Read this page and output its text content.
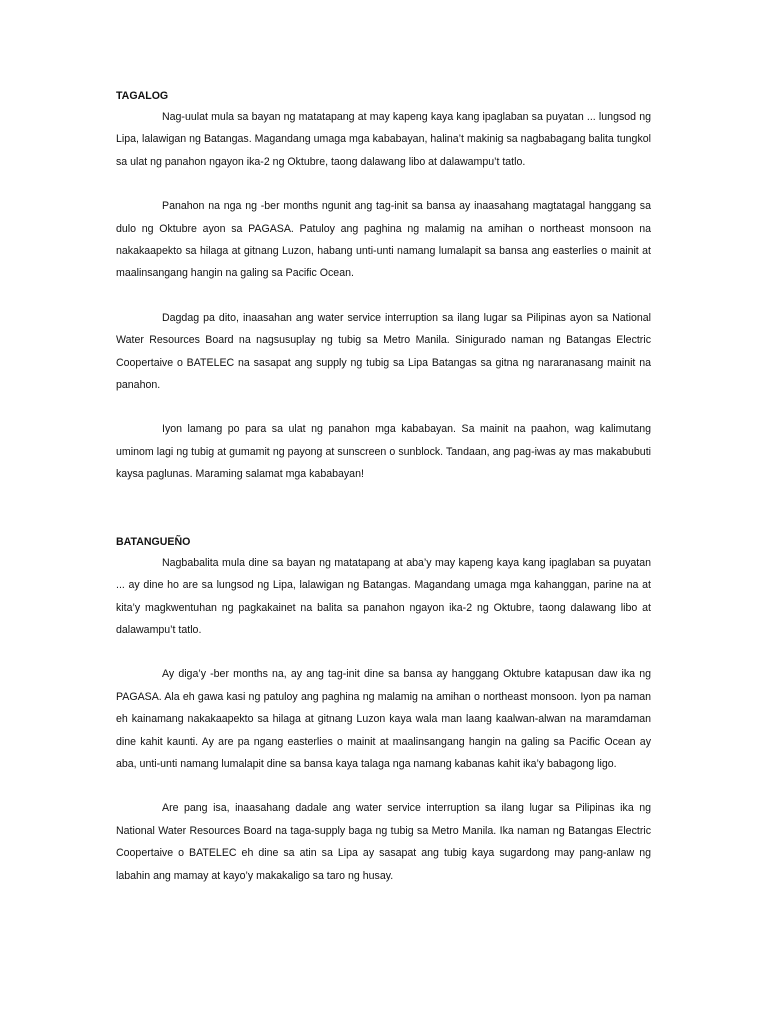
TAGALOG

Nag-uulat mula sa bayan ng matatapang at may kapeng kaya kang ipaglaban sa puyatan ... lungsod ng Lipa, lalawigan ng Batangas. Magandang umaga mga kababayan, halina’t makinig sa nagbabagang balita tungkol sa ulat ng panahon ngayon ika-2 ng Oktubre, taong dalawang libo at dalawampu’t tatlo.

Panahon na nga ng -ber months ngunit ang tag-init sa bansa ay inaasahang magtatagal hanggang sa dulo ng Oktubre ayon sa PAGASA. Patuloy ang paghina ng malamig na amihan o northeast monsoon na nakakaapekto sa hilaga at gitnang Luzon, habang unti-unti namang lumalapit sa bansa ang easterlies o mainit at maalinsangang hangin na galing sa Pacific Ocean.

Dagdag pa dito, inaasahan ang water service interruption sa ilang lugar sa Pilipinas ayon sa National Water Resources Board na nagsusuplay ng tubig sa Metro Manila. Sinigurado naman ng Batangas Electric Coopertaive o BATELEC na sasapat ang supply ng tubig sa Lipa Batangas sa gitna ng nararanasang mainit na panahon.

Iyon lamang po para sa ulat ng panahon mga kababayan. Sa mainit na paahon, wag kalimutang uminom lagi ng tubig at gumamit ng payong at sunscreen o sunblock. Tandaan, ang pag-iwas ay mas makabubuti kaysa paglunas. Maraming salamat mga kababayan!

BATANGUEÑO

Nagbabalita mula dine sa bayan ng matatapang at aba’y may kapeng kaya kang ipaglaban sa puyatan ... ay dine ho are sa lungsod ng Lipa, lalawigan ng Batangas. Magandang umaga mga kahanggan, parine na at kita’y magkwentuhan ng pagkakainet na balita sa panahon ngayon ika-2 ng Oktubre, taong dalawang libo at dalawampu’t tatlo.

Ay diga’y -ber months na, ay ang tag-init dine sa bansa ay hanggang Oktubre katapusan daw ika ng PAGASA. Ala eh gawa kasi ng patuloy ang paghina ng malamig na amihan o northeast monsoon. Iyon pa naman eh kainamang nakakaapekto sa hilaga at gitnang Luzon kaya wala man laang kaalwan-alwan na maramdaman dine kahit kaunti. Ay are pa ngang easterlies o mainit at maalinsangang hangin na galing sa Pacific Ocean ay aba, unti-unti namang lumalapit dine sa bansa kaya talaga nga namang kabanas kahit ika’y babagong ligo.

Are pang isa, inaasahang dadale ang water service interruption sa ilang lugar sa Pilipinas ika ng National Water Resources Board na taga-supply baga ng tubig sa Metro Manila. Ika naman ng Batangas Electric Coopertaive o BATELEC eh dine sa atin sa Lipa ay sasapat ang tubig kaya sugardong may pang-anlaw ng labahin ang mamay at kayo’y makakaligo sa taro ng husay.
